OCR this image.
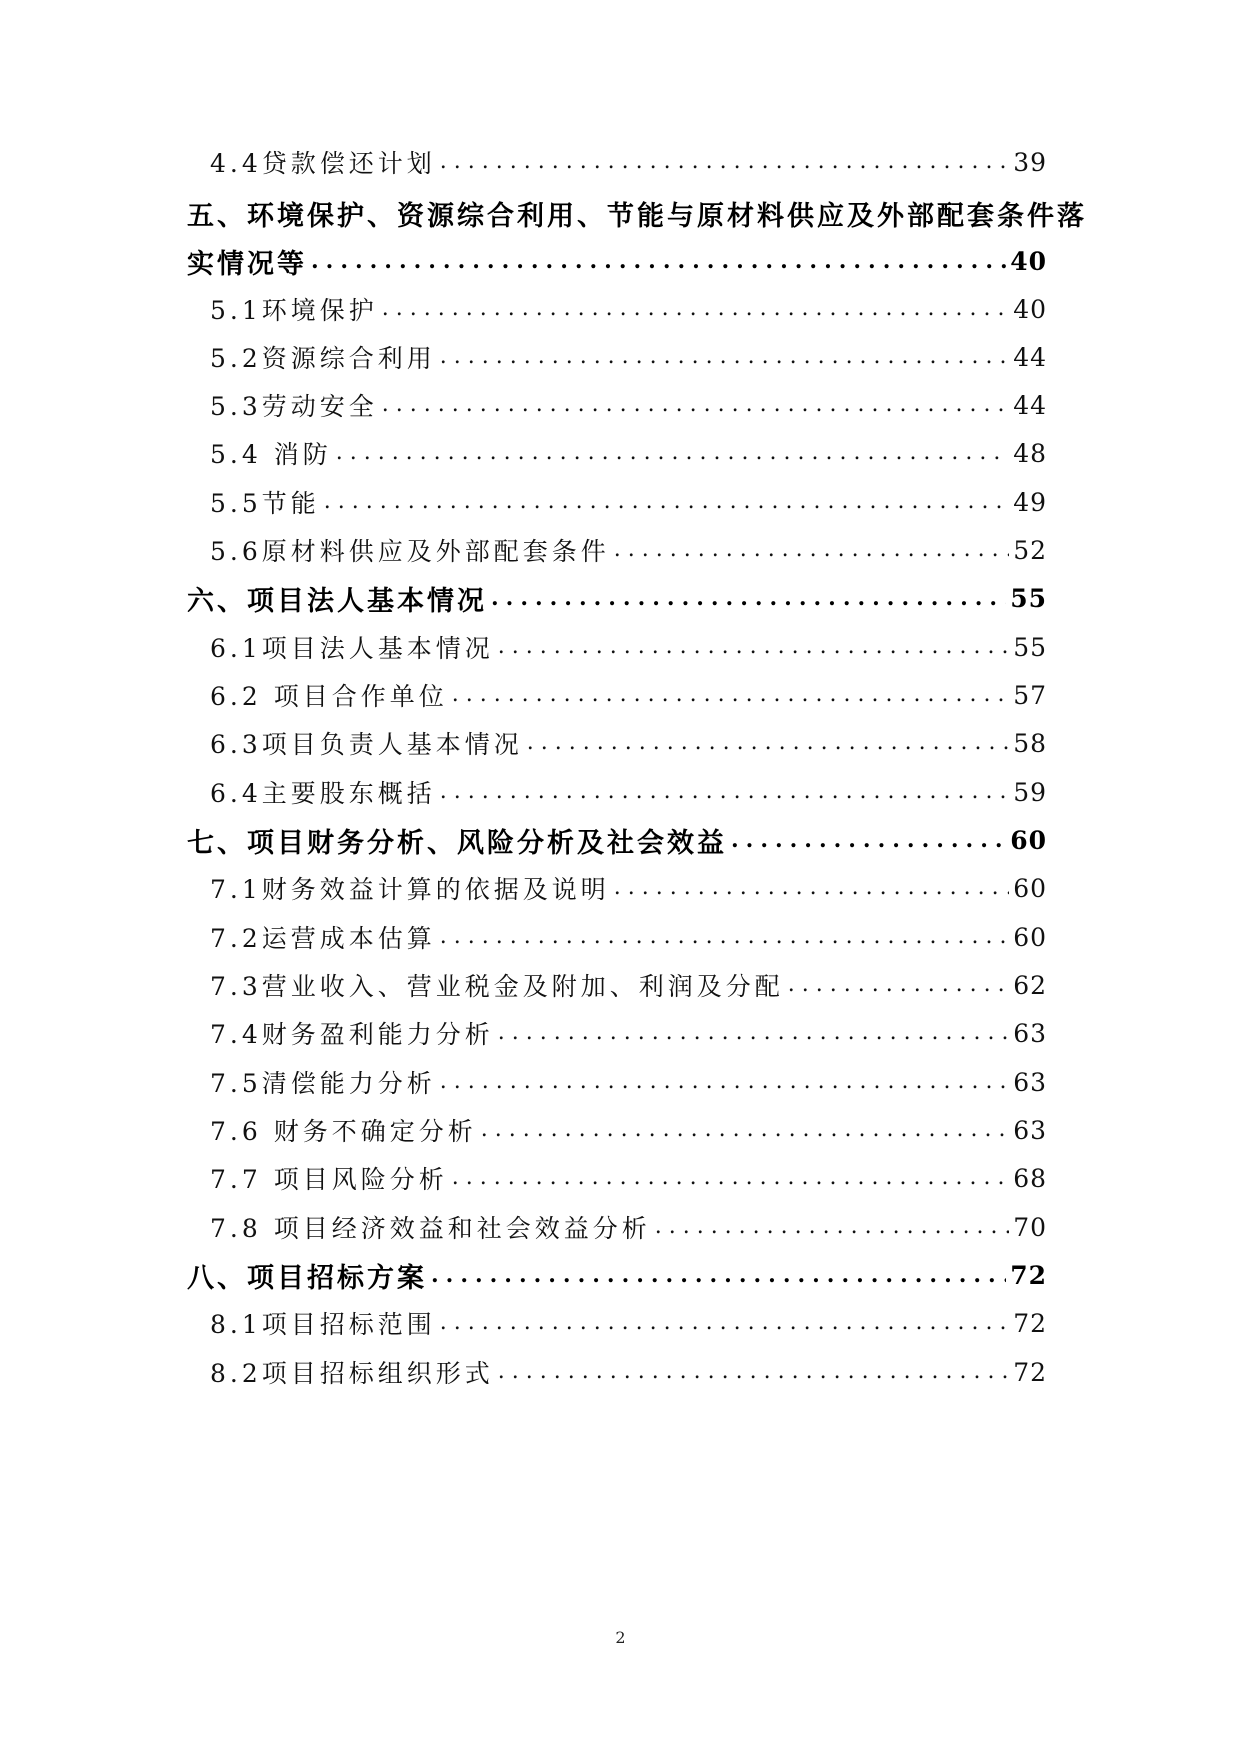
4.4贷款偿还计划 .....	39
五、环境保护、资源综合利用、节能与原材料供应及外部配套条件落
实情况等 .....	40
5.1环境保护 .....	40
5.2资源综合利用 .....	44
5.3劳动安全 .....	44
5.4 消防 .....	48
5.5节能 .....	49
5.6原材料供应及外部配套条件 .....	52
六、项目法人基本情况 .....	55
6.1项目法人基本情况 .....	55
6.2 项目合作单位 .....	57
6.3项目负责人基本情况 .....	58
6.4主要股东概括 .....	59
七、项目财务分析、风险分析及社会效益 .....	60
7.1财务效益计算的依据及说明 .....	60
7.2运营成本估算 .....	60
7.3营业收入、营业税金及附加、利润及分配 .....	62
7.4财务盈利能力分析 .....	63
7.5清偿能力分析 .....	63
7.6 财务不确定分析 .....	63
7.7 项目风险分析 .....	68
7.8 项目经济效益和社会效益分析 .....	70
八、项目招标方案 .....	72
8.1项目招标范围 .....	72
8.2项目招标组织形式 .....	72
2
